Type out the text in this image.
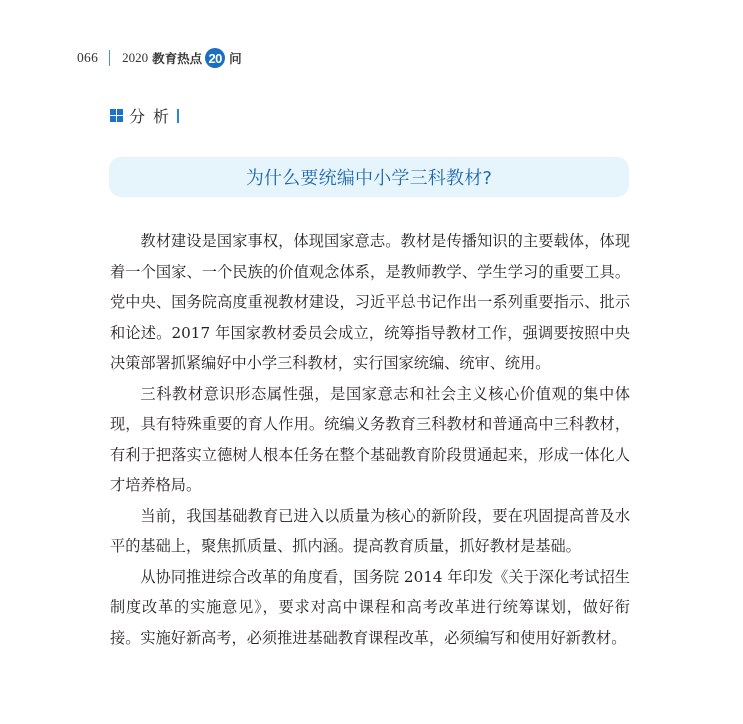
066 2020 教育热点 20 问
分析
为什么要统编中小学三科教材?

教材建设是国家事权，体现国家意志。教材是传播知识的主要载体，体现着一个国家、一个民族的价值观念体系，是教师教学、学生学习的重要工具。党中央、国务院高度重视教材建设，习近平总书记作出一系列重要指示、批示和论述。2017 年国家教材委员会成立，统筹指导教材工作，强调要按照中央决策部署抓紧编好中小学三科教材，实行国家统编、统审、统用。

三科教材意识形态属性强，是国家意志和社会主义核心价值观的集中体现，具有特殊重要的育人作用。统编义务教育三科教材和普通高中三科教材，有利于把落实立德树人根本任务在整个基础教育阶段贯通起来，形成一体化人才培养格局。

当前，我国基础教育已进入以质量为核心的新阶段，要在巩固提高普及水平的基础上，聚焦抓质量、抓内涵。提高教育质量，抓好教材是基础。

从协同推进综合改革的角度看，国务院 2014 年印发《关于深化考试招生制度改革的实施意见》，要求对高中课程和高考改革进行统筹谋划，做好衔接。实施好新高考，必须推进基础教育课程改革，必须编写和使用好新教材。
